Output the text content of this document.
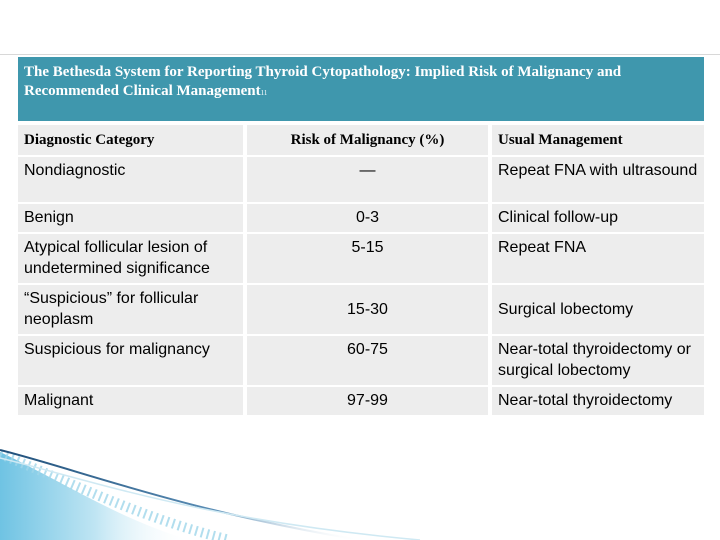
The Bethesda System for Reporting Thyroid Cytopathology: Implied Risk of Malignancy and Recommended Clinical Management11
Diagnostic Category	Risk of Malignancy (%)	Usual Management
Nondiagnostic	—	Repeat FNA with ultrasound
Benign	0-3	Clinical follow-up
Atypical follicular lesion of undetermined significance	5-15	Repeat FNA
“Suspicious” for follicular neoplasm	15-30	Surgical lobectomy
Suspicious for malignancy	60-75	Near-total thyroidectomy or surgical lobectomy
Malignant	97-99	Near-total thyroidectomy
